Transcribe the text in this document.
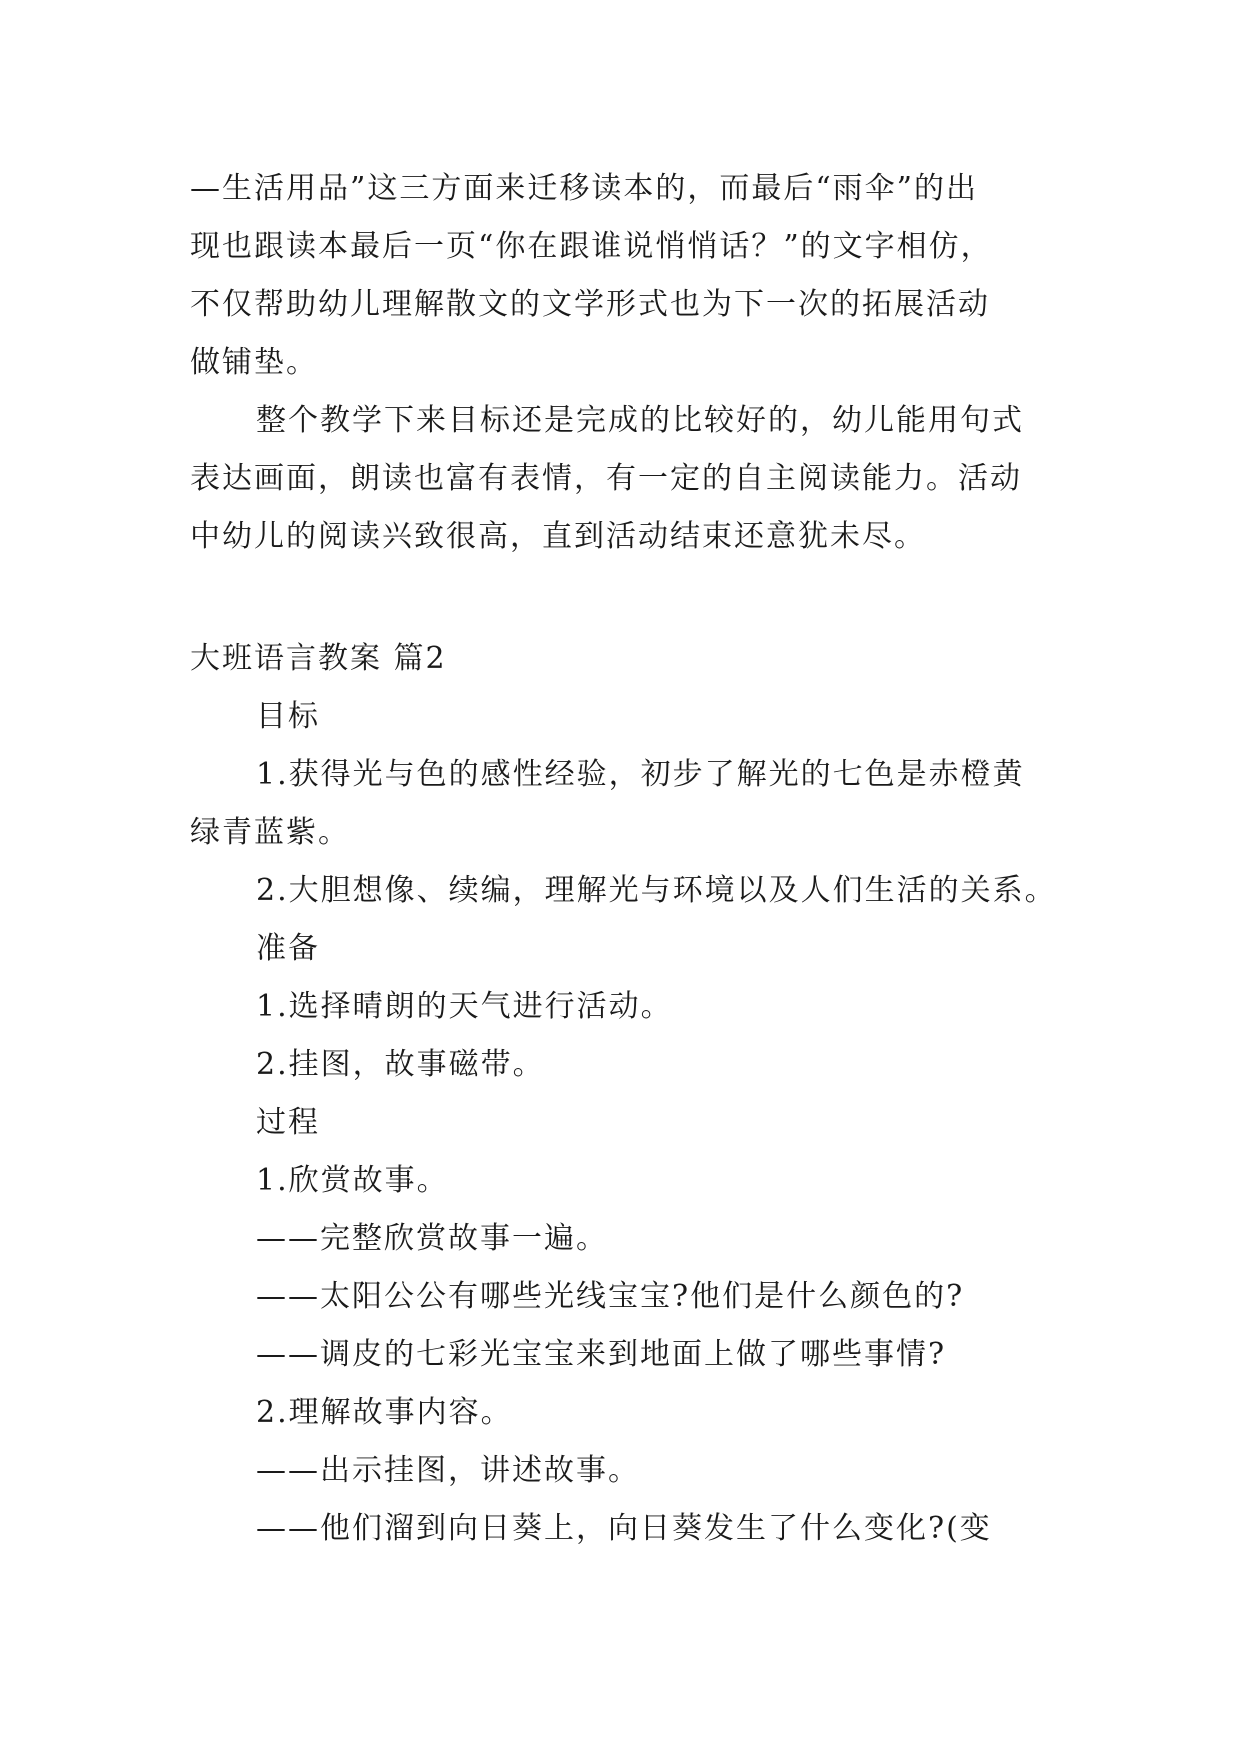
—生活用品”这三方面来迁移读本的，而最后“雨伞”的出
现也跟读本最后一页“你在跟谁说悄悄话？”的文字相仿，
不仅帮助幼儿理解散文的文学形式也为下一次的拓展活动
做铺垫。
整个教学下来目标还是完成的比较好的，幼儿能用句式
表达画面，朗读也富有表情，有一定的自主阅读能力。活动
中幼儿的阅读兴致很高，直到活动结束还意犹未尽。
大班语言教案 篇2
目标
1.获得光与色的感性经验，初步了解光的七色是赤橙黄
绿青蓝紫。
2.大胆想像、续编，理解光与环境以及人们生活的关系。
准备
1.选择晴朗的天气进行活动。
2.挂图，故事磁带。
过程
1.欣赏故事。
——完整欣赏故事一遍。
——太阳公公有哪些光线宝宝?他们是什么颜色的?
——调皮的七彩光宝宝来到地面上做了哪些事情?
2.理解故事内容。
——出示挂图，讲述故事。
——他们溜到向日葵上，向日葵发生了什么变化?(变
